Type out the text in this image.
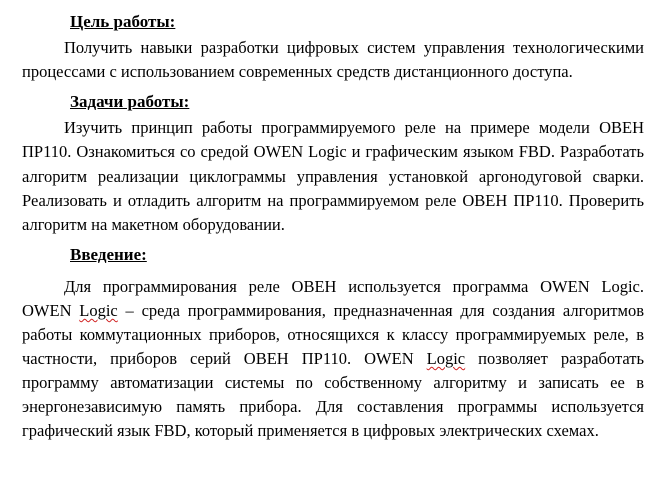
Цель работы:

Получить навыки разработки цифровых систем управления технологическими процессами с использованием современных средств дистанционного доступа.

Задачи работы:

Изучить принцип работы программируемого реле на примере модели ОВЕН ПР110. Ознакомиться со средой OWEN Logic и графическим языком FBD. Разработать алгоритм реализации циклограммы управления установкой аргонодуговой сварки. Реализовать и отладить алгоритм на программируемом реле ОВЕН ПР110. Проверить алгоритм на макетном оборудовании.

Введение:

Для программирования реле ОВЕН используется программа OWEN Logic. OWEN Logic – среда программирования, предназначенная для создания алгоритмов работы коммутационных приборов, относящихся к классу программируемых реле, в частности, приборов серий ОВЕН ПР110. OWEN Logic позволяет разработать программу автоматизации системы по собственному алгоритму и записать ее в энергонезависимую память прибора. Для составления программы используется графический язык FBD, который применяется в цифровых электрических схемах.
